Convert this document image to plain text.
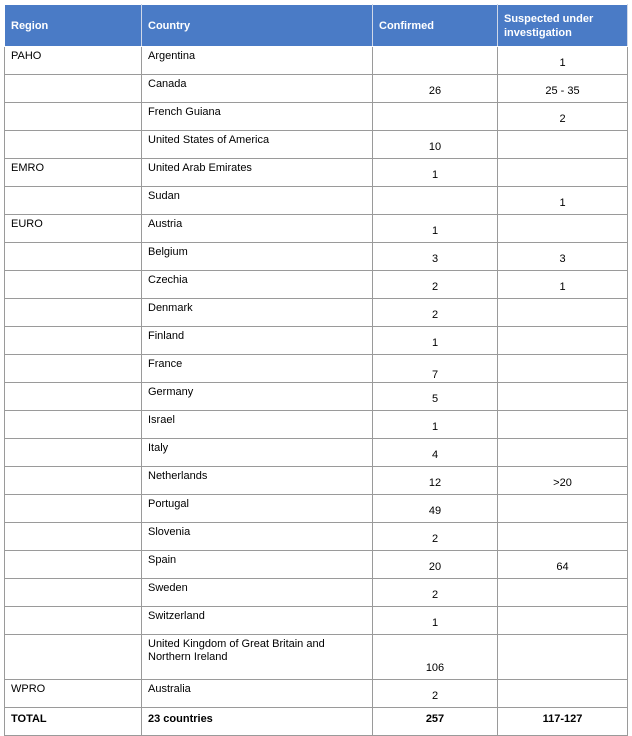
Region	Country	Confirmed	Suspected under investigation

PAHO	Argentina		1

	Canada	26	25 - 35

	French Guiana		2

	United States of America	10	

EMRO	United Arab Emirates	1	

	Sudan		1

EURO	Austria	1	

	Belgium	3	3

	Czechia	2	1

	Denmark	2	

	Finland	1	

	France	7	

	Germany	5	

	Israel	1	

	Italy	4	

	Netherlands	12	>20

	Portugal	49	

	Slovenia	2	

	Spain	20	64

	Sweden	2	

	Switzerland	1	

	United Kingdom of Great Britain and Northern Ireland	106	

WPRO	Australia	2	

TOTAL	23 countries	257	117-127
